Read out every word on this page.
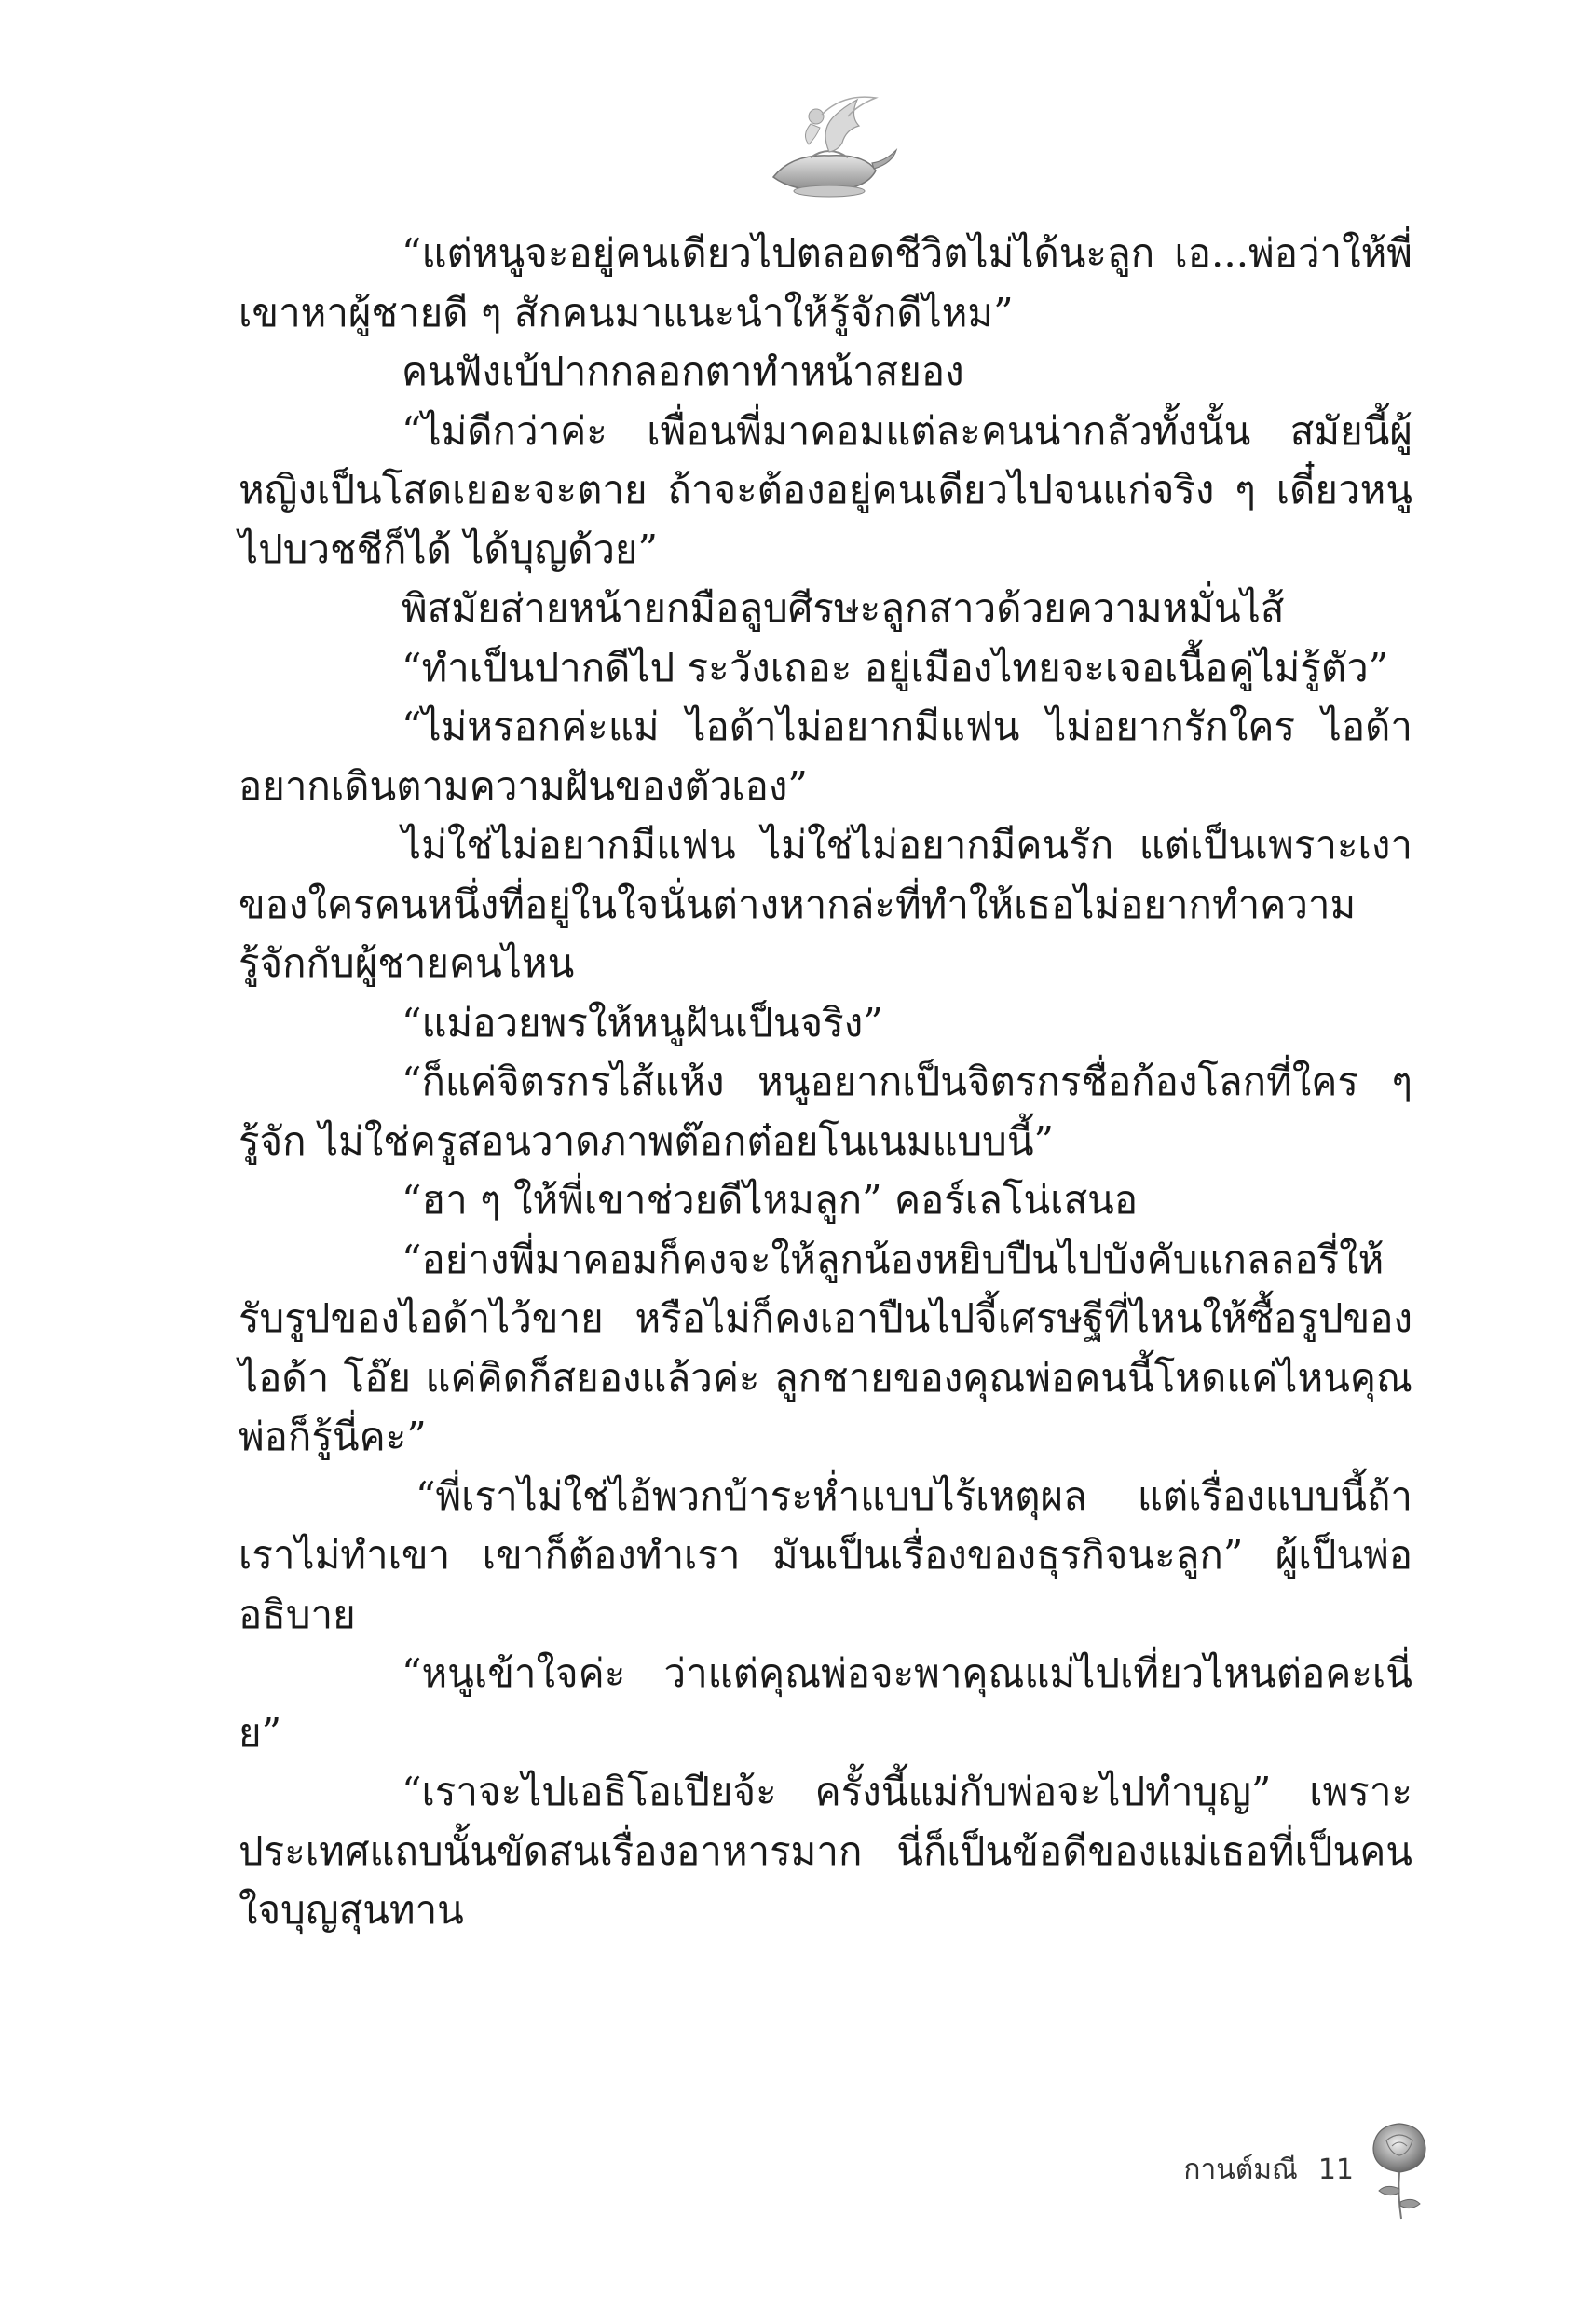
“แต่หนูจะอยู่คนเดียวไปตลอดชีวิตไม่ได้นะลูก เอ...พ่อว่าให้พี่เขาหาผู้ชายดี ๆ สักคนมาแนะนำให้รู้จักดีไหม”

คนฟังเบ้ปากกลอกตาทำหน้าสยอง

“ไม่ดีกว่าค่ะ เพื่อนพี่มาคอมแต่ละคนน่ากลัวทั้งนั้น สมัยนี้ผู้หญิงเป็นโสดเยอะจะตาย ถ้าจะต้องอยู่คนเดียวไปจนแก่จริง ๆ เดี๋ยวหนูไปบวชชีก็ได้ ได้บุญด้วย”

พิสมัยส่ายหน้ายกมือลูบศีรษะลูกสาวด้วยความหมั่นไส้

“ทำเป็นปากดีไป ระวังเถอะ อยู่เมืองไทยจะเจอเนื้อคู่ไม่รู้ตัว”

“ไม่หรอกค่ะแม่ ไอด้าไม่อยากมีแฟน ไม่อยากรักใคร ไอด้าอยากเดินตามความฝันของตัวเอง”

ไม่ใช่ไม่อยากมีแฟน ไม่ใช่ไม่อยากมีคนรัก แต่เป็นเพราะเงาของใครคนหนึ่งที่อยู่ในใจนั่นต่างหากล่ะที่ทำให้เธอไม่อยากทำความรู้จักกับผู้ชายคนไหน

“แม่อวยพรให้หนูฝันเป็นจริง”

“ก็แค่จิตรกรไส้แห้ง หนูอยากเป็นจิตรกรชื่อก้องโลกที่ใคร ๆ รู้จัก ไม่ใช่ครูสอนวาดภาพต๊อกต๋อยโนเนมแบบนี้”

“ฮา ๆ ให้พี่เขาช่วยดีไหมลูก” คอร์เลโน่เสนอ

“อย่างพี่มาคอมก็คงจะให้ลูกน้องหยิบปืนไปบังคับแกลลอรี่ให้รับรูปของไอด้าไว้ขาย หรือไม่ก็คงเอาปืนไปจี้เศรษฐีที่ไหนให้ซื้อรูปของไอด้า โอ๊ย แค่คิดก็สยองแล้วค่ะ ลูกชายของคุณพ่อคนนี้โหดแค่ไหนคุณพ่อก็รู้นี่คะ”

“พี่เราไม่ใช่ไอ้พวกบ้าระห่ำแบบไร้เหตุผล แต่เรื่องแบบนี้ถ้าเราไม่ทำเขา เขาก็ต้องทำเรา มันเป็นเรื่องของธุรกิจนะลูก” ผู้เป็นพ่ออธิบาย

“หนูเข้าใจค่ะ ว่าแต่คุณพ่อจะพาคุณแม่ไปเที่ยวไหนต่อคะเนี่ย”

“เราจะไปเอธิโอเปียจ้ะ ครั้งนี้แม่กับพ่อจะไปทำบุญ” เพราะประเทศแถบนั้นขัดสนเรื่องอาหารมาก นี่ก็เป็นข้อดีของแม่เธอที่เป็นคนใจบุญสุนทาน

กานต์มณี 11
